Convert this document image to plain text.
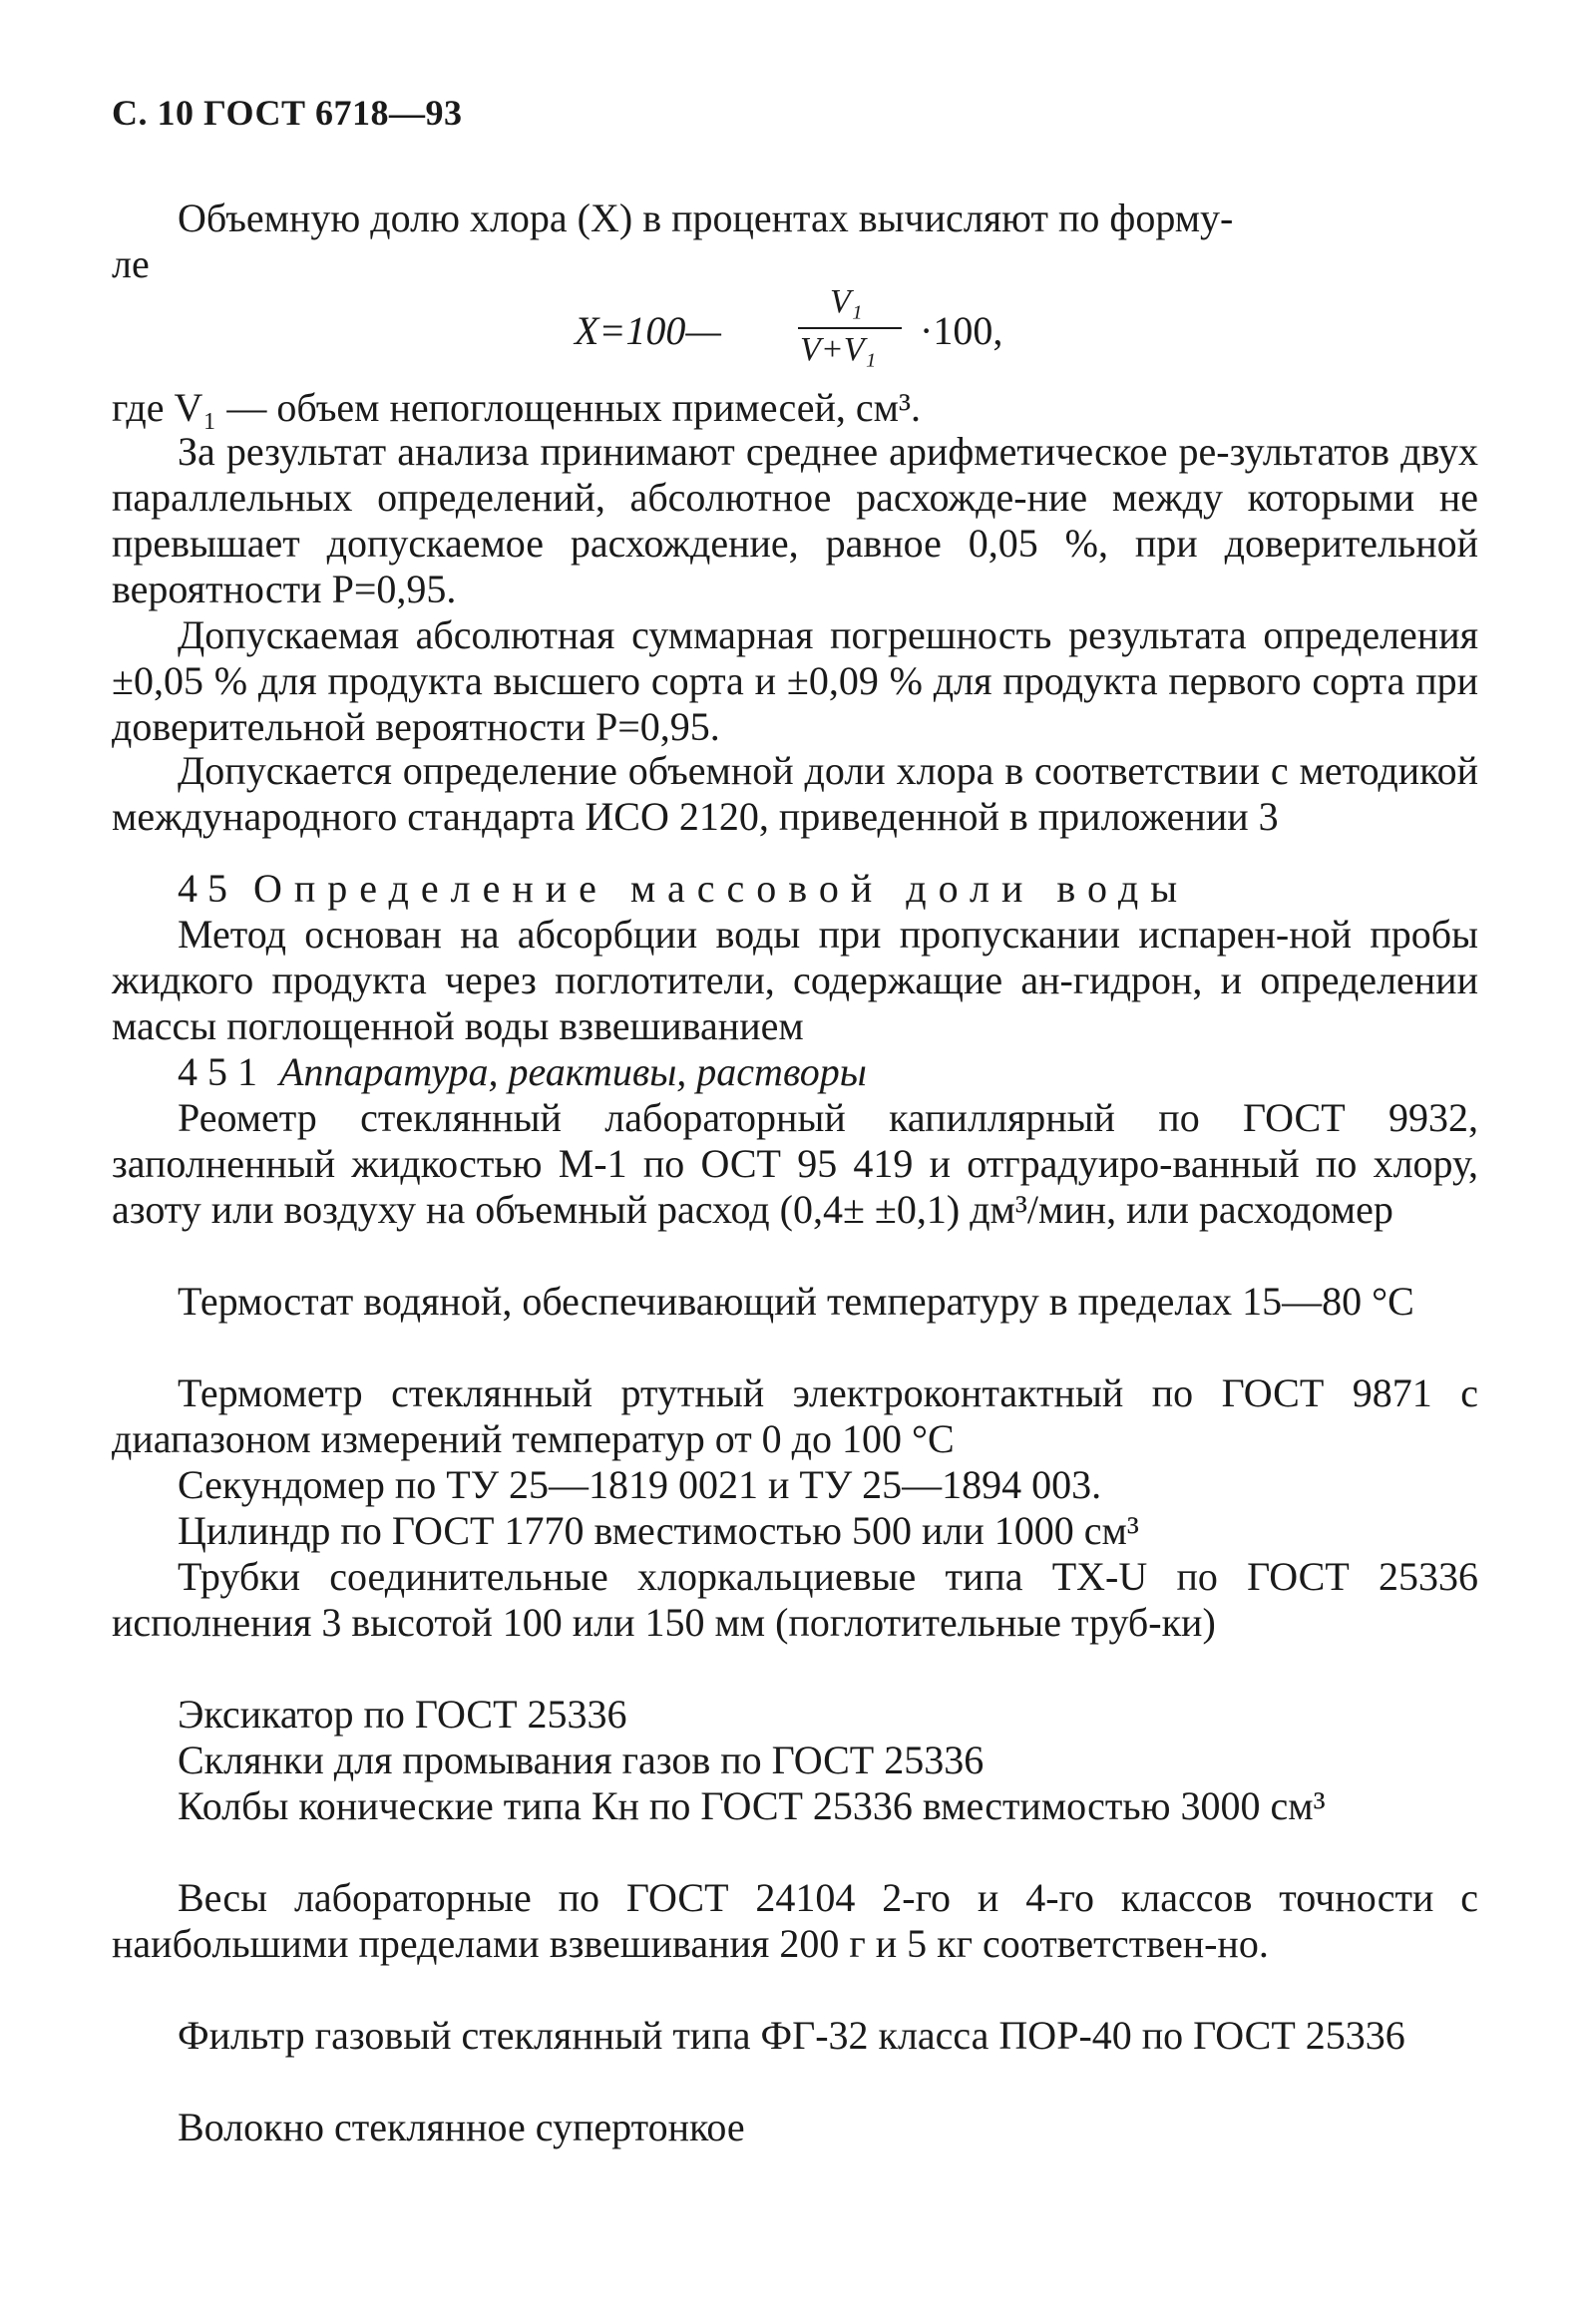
С. 10 ГОСТ 6718—93
Объемную долю хлора (X) в процентах вычисляют по форму-
ле
X=100—
V₁
V+V₁ ·100,
где V₁ — объем непоглощенных примесей, см³.
За результат анализа принимают среднее арифметическое ре-зультатов двух параллельных определений, абсолютное расхожде-ние между которыми не превышает допускаемое расхождение, равное 0,05 %, при доверительной вероятности P=0,95.
Допускаемая абсолютная суммарная погрешность результата определения ±0,05 % для продукта высшего сорта и ±0,09 % для продукта первого сорта при доверительной вероятности P=0,95.
Допускается определение объемной доли хлора в соответствии с методикой международного стандарта ИСО 2120, приведенной в приложении 3
4 5 Определение массовой доли воды
Метод основан на абсорбции воды при пропускании испарен-ной пробы жидкого продукта через поглотители, содержащие ан-гидрон, и определении массы поглощенной воды взвешиванием
4 5 1 Аппаратура, реактивы, растворы
Реометр стеклянный лабораторный капиллярный по ГОСТ 9932, заполненный жидкостью М-1 по ОСТ 95 419 и отградуиро-ванный по хлору, азоту или воздуху на объемный расход (0,4± ±0,1) дм³/мин, или расходомер
Термостат водяной, обеспечивающий температуру в пределах 15—80 °С
Термометр стеклянный ртутный электроконтактный по ГОСТ 9871 с диапазоном измерений температур от 0 до 100 °С
Секундомер по ТУ 25—1819 0021 и ТУ 25—1894 003.
Цилиндр по ГОСТ 1770 вместимостью 500 или 1000 см³
Трубки соединительные хлоркальциевые типа ТХ-U по ГОСТ 25336 исполнения 3 высотой 100 или 150 мм (поглотительные труб-ки)
Эксикатор по ГОСТ 25336
Склянки для промывания газов по ГОСТ 25336
Колбы конические типа Кн по ГОСТ 25336 вместимостью 3000 см³
Весы лабораторные по ГОСТ 24104 2-го и 4-го классов точности с наибольшими пределами взвешивания 200 г и 5 кг соответствен-но.
Фильтр газовый стеклянный типа ФГ-32 класса ПОР-40 по ГОСТ 25336
Волокно стеклянное супертонкое
